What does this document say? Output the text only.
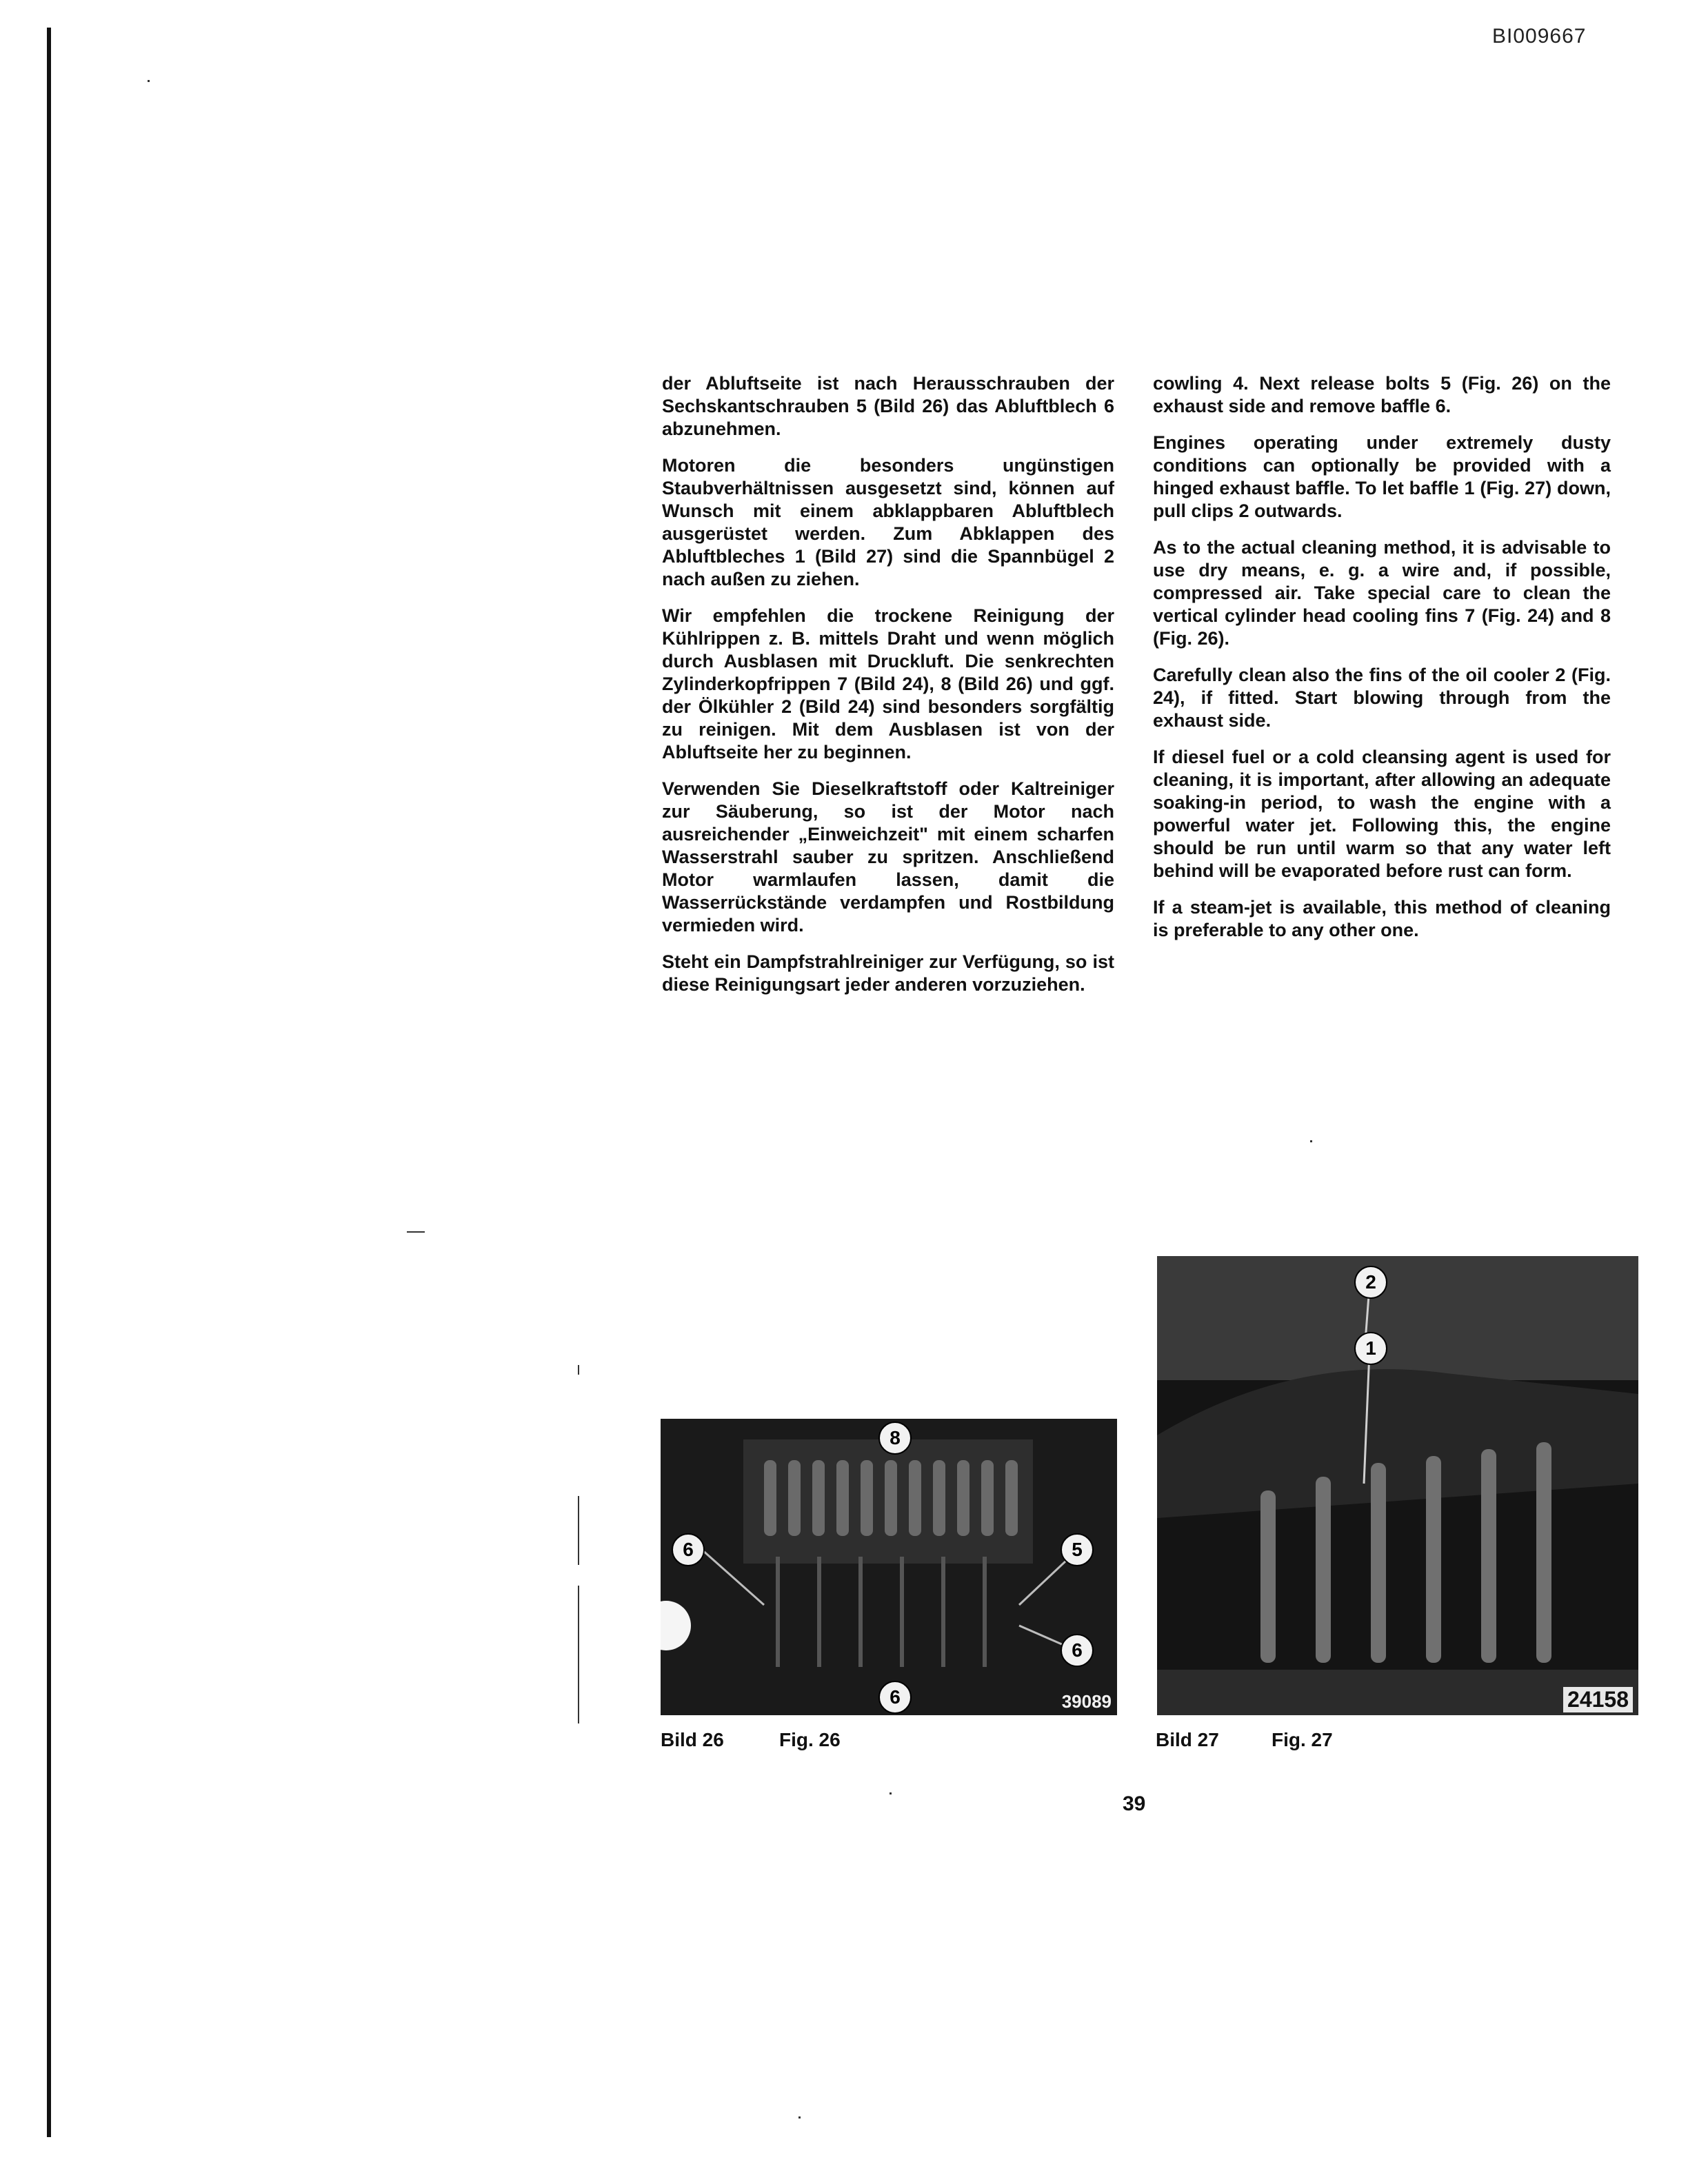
BI009667

der Abluftseite ist nach Herausschrauben der Sechskantschrauben 5 (Bild 26) das Abluftblech 6 abzunehmen.

Motoren die besonders ungünstigen Staubverhältnissen ausgesetzt sind, können auf Wunsch mit einem abklappbaren Abluftblech ausgerüstet werden. Zum Abklappen des Abluftbleches 1 (Bild 27) sind die Spannbügel 2 nach außen zu ziehen.

Wir empfehlen die trockene Reinigung der Kühlrippen z. B. mittels Draht und wenn möglich durch Ausblasen mit Druckluft. Die senkrechten Zylinderkopfrippen 7 (Bild 24), 8 (Bild 26) und ggf. der Ölkühler 2 (Bild 24) sind besonders sorgfältig zu reinigen. Mit dem Ausblasen ist von der Abluftseite her zu beginnen.

Verwenden Sie Dieselkraftstoff oder Kaltreiniger zur Säuberung, so ist der Motor nach ausreichender „Einweichzeit" mit einem scharfen Wasserstrahl sauber zu spritzen. Anschließend Motor warmlaufen lassen, damit die Wasserrückstände verdampfen und Rostbildung vermieden wird.

Steht ein Dampfstrahlreiniger zur Verfügung, so ist diese Reinigungsart jeder anderen vorzuziehen.

cowling 4. Next release bolts 5 (Fig. 26) on the exhaust side and remove baffle 6.

Engines operating under extremely dusty conditions can optionally be provided with a hinged exhaust baffle. To let baffle 1 (Fig. 27) down, pull clips 2 outwards.

As to the actual cleaning method, it is advisable to use dry means, e. g. a wire and, if possible, compressed air. Take special care to clean the vertical cylinder head cooling fins 7 (Fig. 24) and 8 (Fig. 26).

Carefully clean also the fins of the oil cooler 2 (Fig. 24), if fitted. Start blowing through from the exhaust side.

If diesel fuel or a cold cleansing agent is used for cleaning, it is important, after allowing an adequate soaking-in period, to wash the engine with a powerful water jet. Following this, the engine should be run until warm so that any water left behind will be evaporated before rust can form.

If a steam-jet is available, this method of cleaning is preferable to any other one.

8
6	5
6
6	39089
2
1
24158
Bild 26	Fig. 26	Bild 27	Fig. 27
39
